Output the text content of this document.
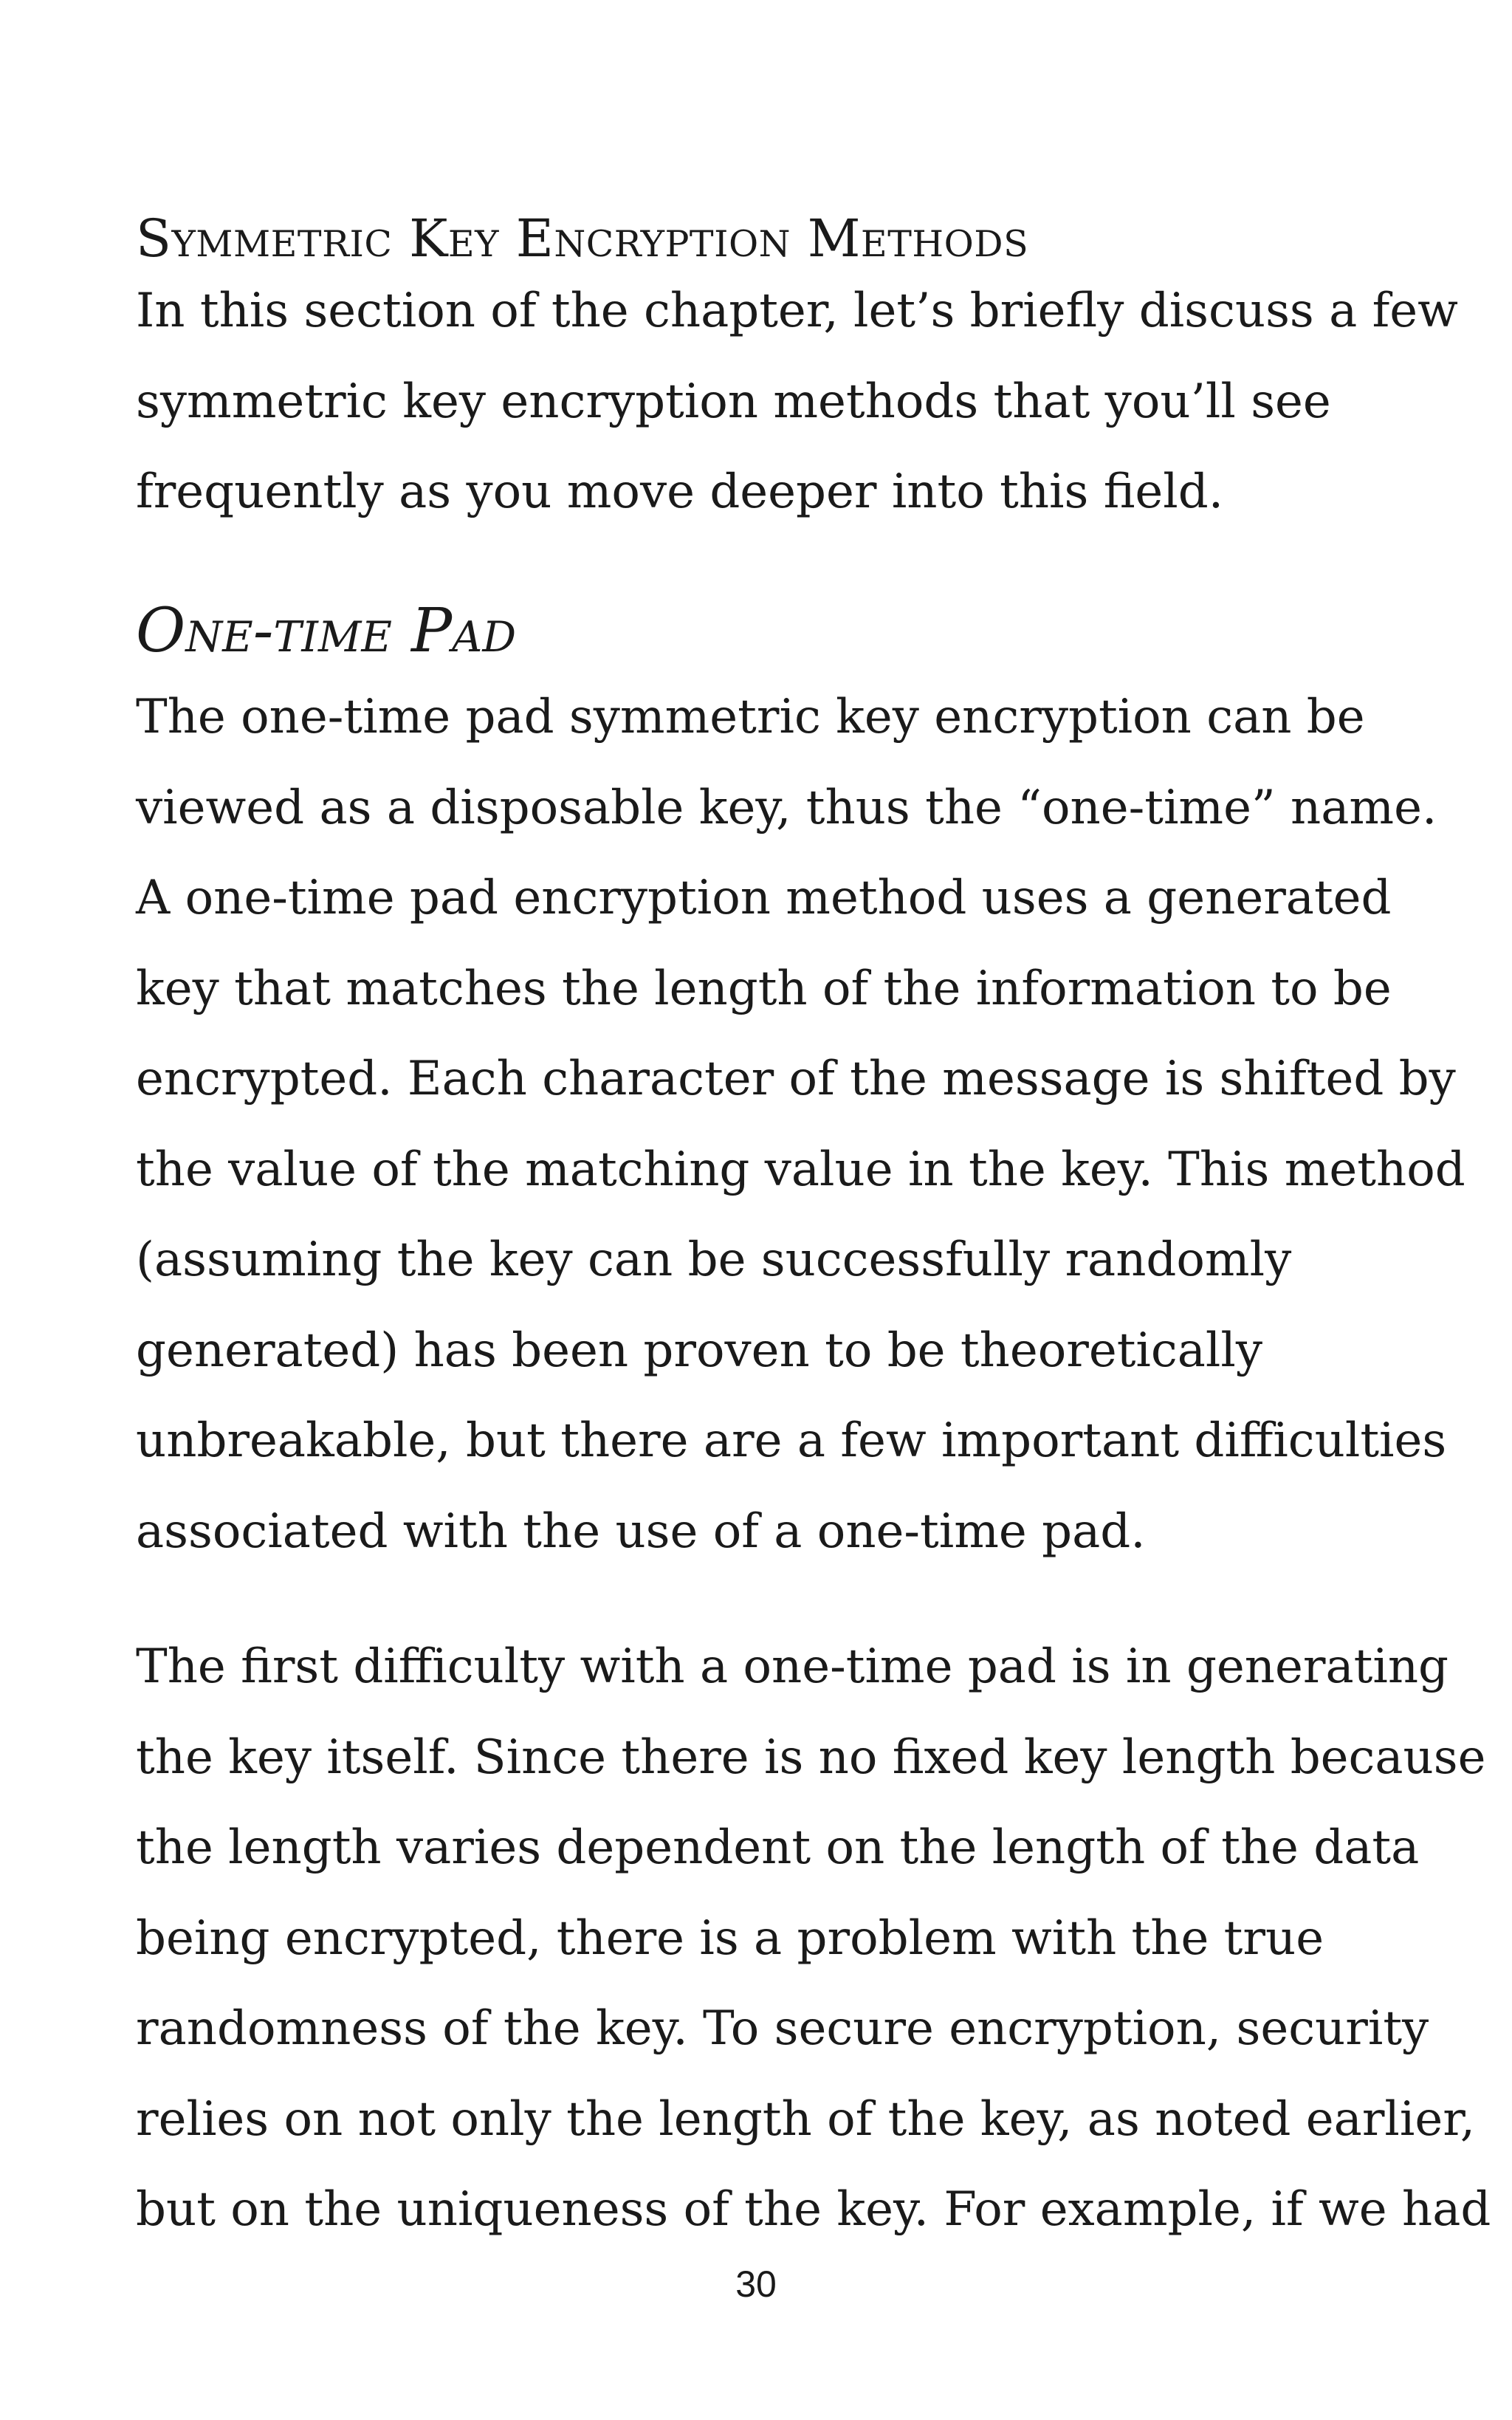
Symmetric Key Encryption Methods

In this section of the chapter, let’s briefly discuss a few
symmetric key encryption methods that you’ll see
frequently as you move deeper into this field.

One-time Pad

The one-time pad symmetric key encryption can be
viewed as a disposable key, thus the “one-time” name.
A one-time pad encryption method uses a generated
key that matches the length of the information to be
encrypted. Each character of the message is shifted by
the value of the matching value in the key. This method
(assuming the key can be successfully randomly
generated) has been proven to be theoretically
unbreakable, but there are a few important difficulties
associated with the use of a one-time pad.

The first difficulty with a one-time pad is in generating
the key itself. Since there is no fixed key length because
the length varies dependent on the length of the data
being encrypted, there is a problem with the true
randomness of the key. To secure encryption, security
relies on not only the length of the key, as noted earlier,
but on the uniqueness of the key. For example, if we had

30
